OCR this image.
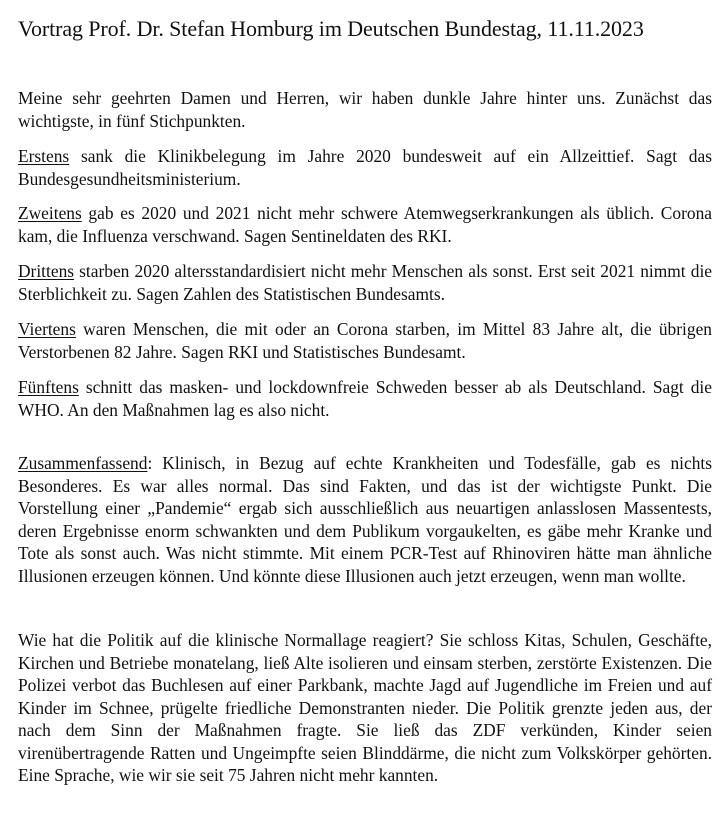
Vortrag Prof. Dr. Stefan Homburg im Deutschen Bundestag, 11.11.2023

Meine sehr geehrten Damen und Herren, wir haben dunkle Jahre hinter uns. Zunächst das wichtigste, in fünf Stichpunkten.

Erstens sank die Klinikbelegung im Jahre 2020 bundesweit auf ein Allzeittief. Sagt das Bundesgesundheitsministerium.

Zweitens gab es 2020 und 2021 nicht mehr schwere Atemwegserkrankungen als üblich. Corona kam, die Influenza verschwand. Sagen Sentineldaten des RKI.

Drittens starben 2020 altersstandardisiert nicht mehr Menschen als sonst. Erst seit 2021 nimmt die Sterblichkeit zu. Sagen Zahlen des Statistischen Bundesamts.

Viertens waren Menschen, die mit oder an Corona starben, im Mittel 83 Jahre alt, die übrigen Verstorbenen 82 Jahre. Sagen RKI und Statistisches Bundesamt.

Fünftens schnitt das masken- und lockdownfreie Schweden besser ab als Deutschland. Sagt die WHO. An den Maßnahmen lag es also nicht.

Zusammenfassend: Klinisch, in Bezug auf echte Krankheiten und Todesfälle, gab es nichts Besonderes. Es war alles normal. Das sind Fakten, und das ist der wichtigste Punkt. Die Vorstellung einer „Pandemie“ ergab sich ausschließlich aus neuartigen anlasslosen Massentests, deren Ergebnisse enorm schwankten und dem Publikum vorgaukelten, es gäbe mehr Kranke und Tote als sonst auch. Was nicht stimmte. Mit einem PCR-Test auf Rhinoviren hätte man ähnliche Illusionen erzeugen können. Und könnte diese Illusionen auch jetzt erzeugen, wenn man wollte.

Wie hat die Politik auf die klinische Normallage reagiert? Sie schloss Kitas, Schulen, Geschäfte, Kirchen und Betriebe monatelang, ließ Alte isolieren und einsam sterben, zerstörte Existenzen. Die Polizei verbot das Buchlesen auf einer Parkbank, machte Jagd auf Jugendliche im Freien und auf Kinder im Schnee, prügelte friedliche Demonstranten nieder. Die Politik grenzte jeden aus, der nach dem Sinn der Maßnahmen fragte. Sie ließ das ZDF verkünden, Kinder seien virenübertragende Ratten und Ungeimpfte seien Blinddärme, die nicht zum Volkskörper gehörten. Eine Sprache, wie wir sie seit 75 Jahren nicht mehr kannten.
